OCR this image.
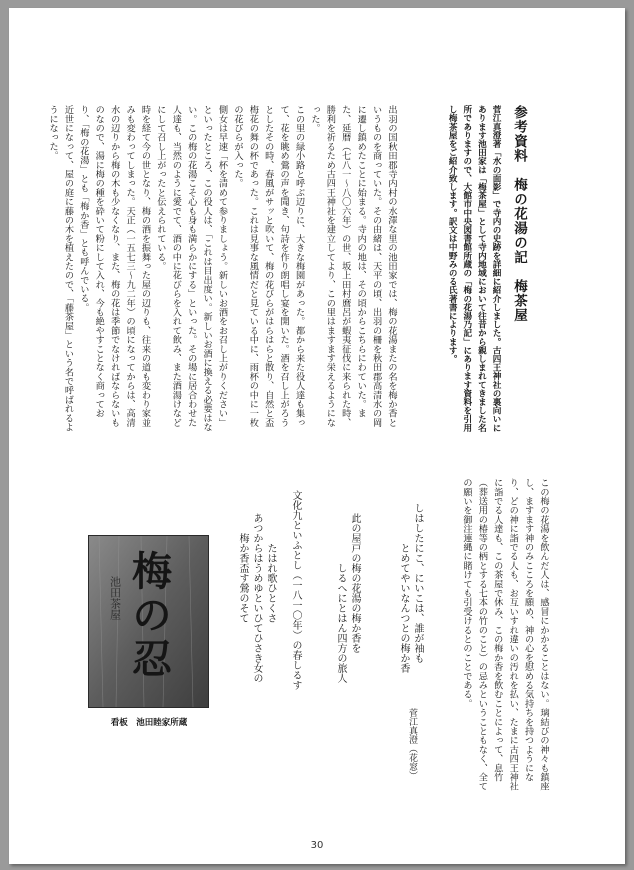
参考資料　梅の花湯の記　梅茶屋

菅江真澄著「水の面影」で寺内の史跡を詳細に紹介しました。古四王神社の裏向いにあります池田家は「梅茶屋」として寺内地域において往昔から親しまれてきました名所でありますので、大館市中央図書館所蔵の「梅の花湯乃記」にあります資料を引用し梅茶屋をご紹介致します。訳文は中野みのる氏著書によります。

出羽の国秋田郡寺内村の水澤な里の池田家では、梅の花湯またの名を梅か香というものを商っていた。その由緒は、天平の頃、出羽の柵を秋田郡高清水の岡に遷し鎮めたことに始まる。寺内の地は、その頃からこちらにわていた。また、延暦（七八一〜八〇六年）の世、坂上田村麿呂が蝦夷征伐に来られた時、勝利を祈るため古四王神社を建立してより、この里はますます栄えるようになった。

この里の緑小路と呼ぶ辺りに、大きな梅園があった。都から来た役人達も集って、花を眺め鶯の声を聞き、句詩を作り朗唱し宴を開いた。酒を召し上がろうとしたその時、春風がサッと吹いて、梅の花びらがはらはらと散り、自然と盃梅花の舞の杯であった。これは見事な風情だと見ている中に、雨杯の中に一枚の花びらが入った。

側女は早速「杯を清めて参りましょう。新しいお酒をお召し上がりください」といったところ、この役人は、「これは目出度い。新しいお酒に換える必要はない。この梅の花湯こそ心も身も満らかにする」といった。その場に居合わせた人達も、当然のように愛でて、酒の中に花びらを入れて飲み、また酒湯けなどにして召し上がったと伝えられている。

時を経て今の世となり、梅の酒を振舞った屋の辺りも、往来の道も変わり家並みも変わってしまった。天正（一五七三〜九二年）の頃になってからは、高清水の辺りから梅の木も少なくなり、また、梅の花は季節でなければならないものなので、湯に梅の種を砕いて粉にして入れ、今も絶やすことなく商っており、「梅の花湯」とも「梅か香」とも呼んでいる。

近世になって、屋の庭に藤の木を植えたので、「藤茶屋」という名で呼ばれるようになった。

この梅の花湯を飲んだ人は、感冒にかかることはない。璃結びの神々も鎮座し、ますます神のみこころを願め、神の心を慰める気持ちを持つようになり、どの神に詣でる人も、お互いすれ違いの汚れを払い、たまに古四王神社に詣でる人達も、この茶屋で休み、この梅か香を飲むことによって、息竹（葬送用の椿等の柄とする七本の竹のこと）の忌みということもなく、全ての願いを御注連縄に賭けても引受けるとのことである。

しはしたにこ、にいこは、誰が袖も

とめてやいなんつとの梅か香

菅江真澄（花窓）

此の屋戸の梅の花湯の梅か香を

しるへにとはん四方の旅人

文化九といふとし（一八一〇年）の春しるす

たはれ歌ひとくさ

あつからはうめゆといひてひさき女の

梅か香盃す鶯のそて

梅の忍
池田茶屋
看板　池田睦家所蔵
30
